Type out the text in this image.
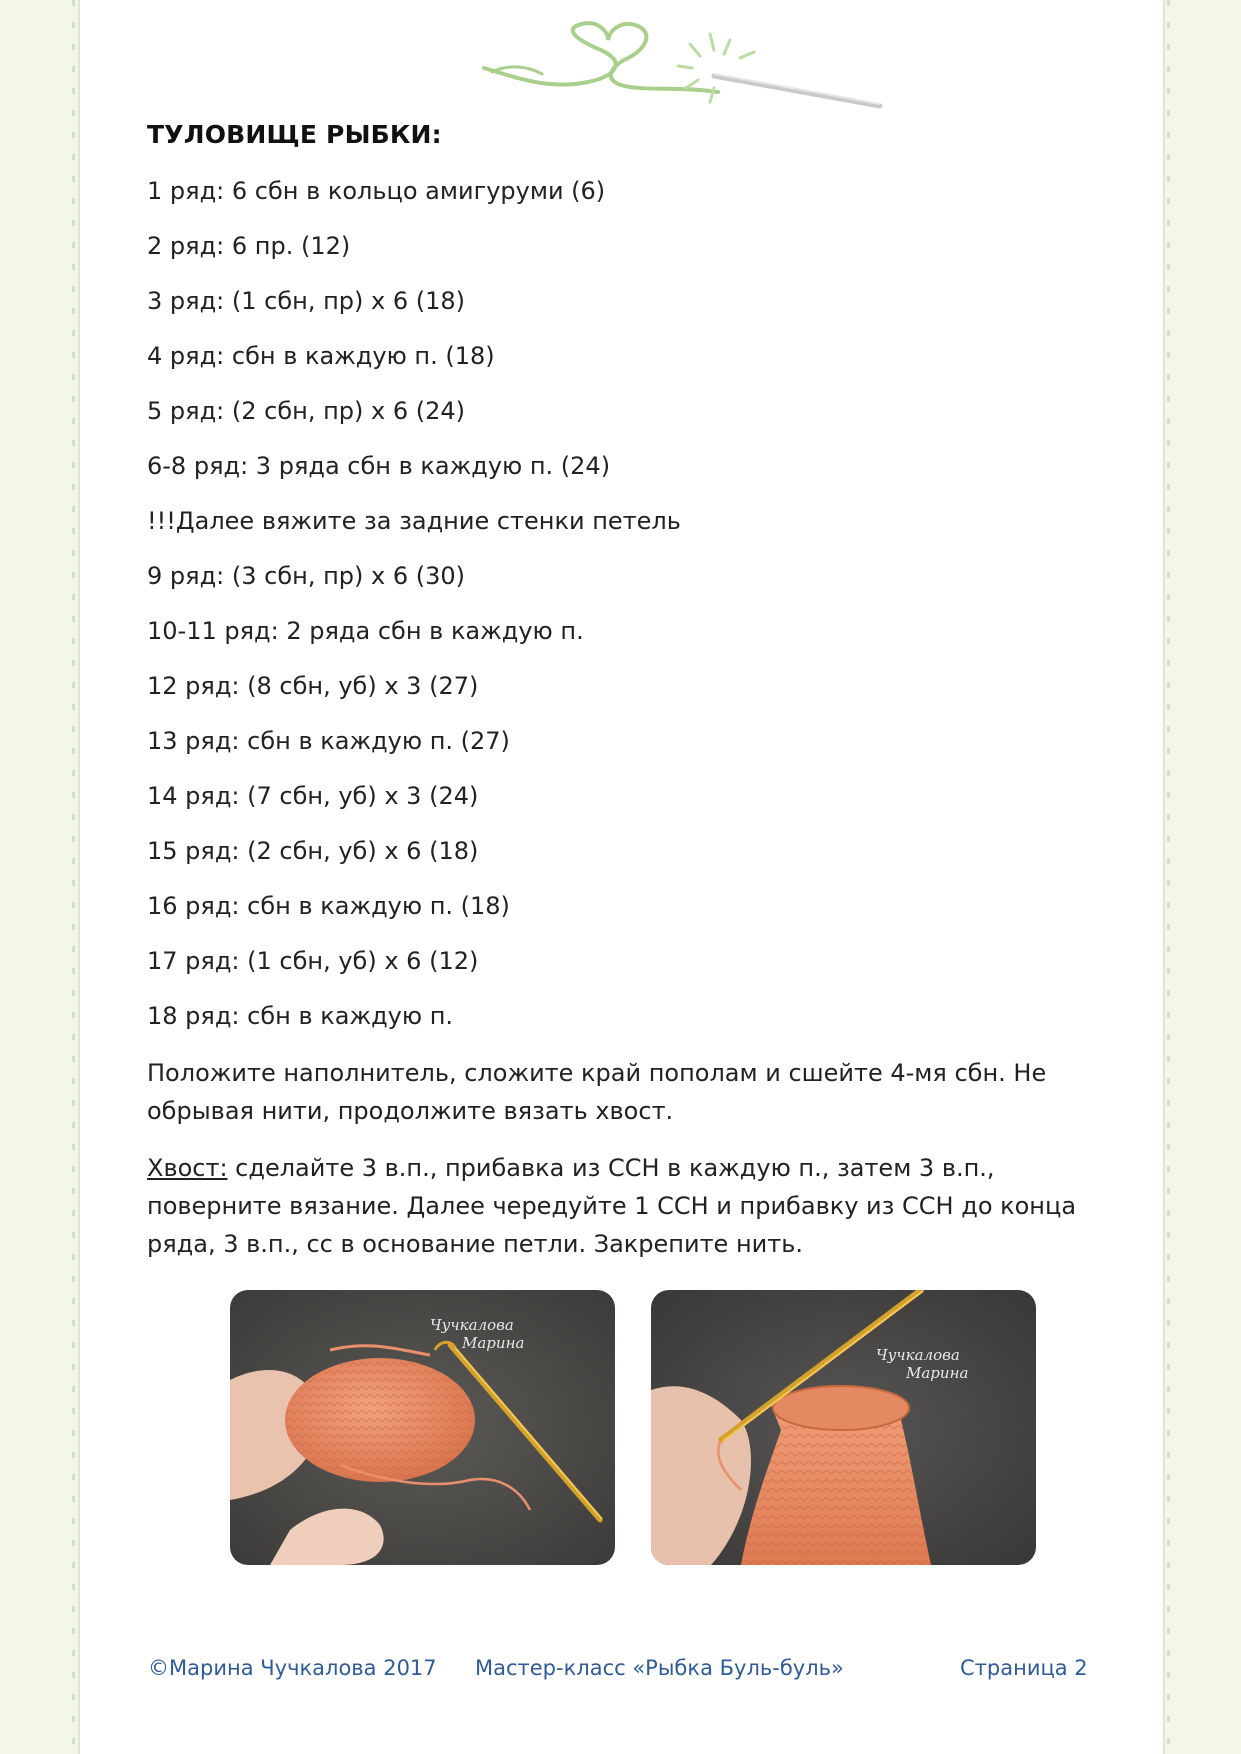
ТУЛОВИЩЕ РЫБКИ:
1 ряд: 6 сбн в кольцо амигуруми (6)
2 ряд: 6 пр. (12)
3 ряд: (1 сбн, пр) х 6 (18)
4 ряд: сбн в каждую п. (18)
5 ряд: (2 сбн, пр) х 6 (24)
6-8 ряд: 3 ряда сбн в каждую п. (24)
!!!Далее вяжите за задние стенки петель
9 ряд: (3 сбн, пр) х 6 (30)
10-11 ряд: 2 ряда сбн в каждую п.
12 ряд: (8 сбн, уб) х 3 (27)
13 ряд: сбн в каждую п. (27)
14 ряд: (7 сбн, уб) х 3 (24)
15 ряд: (2 сбн, уб) х 6 (18)
16 ряд: сбн в каждую п. (18)
17 ряд: (1 сбн, уб) х 6 (12)
18 ряд: сбн в каждую п.
Положите наполнитель, сложите край пополам и сшейте 4-мя сбн. Не обрывая нити, продолжите вязать хвост.
Хвост: сделайте 3 в.п., прибавка из ССН в каждую п., затем 3 в.п., поверните вязание. Далее чередуйте 1 ССН и прибавку из ССН до конца ряда, 3 в.п., сс в основание петли. Закрепите нить.
Чучкалова
Марина
Чучкалова
Марина
©Марина Чучкалова 2017 Мастер-класс «Рыбка Буль-буль»	Страница 2
